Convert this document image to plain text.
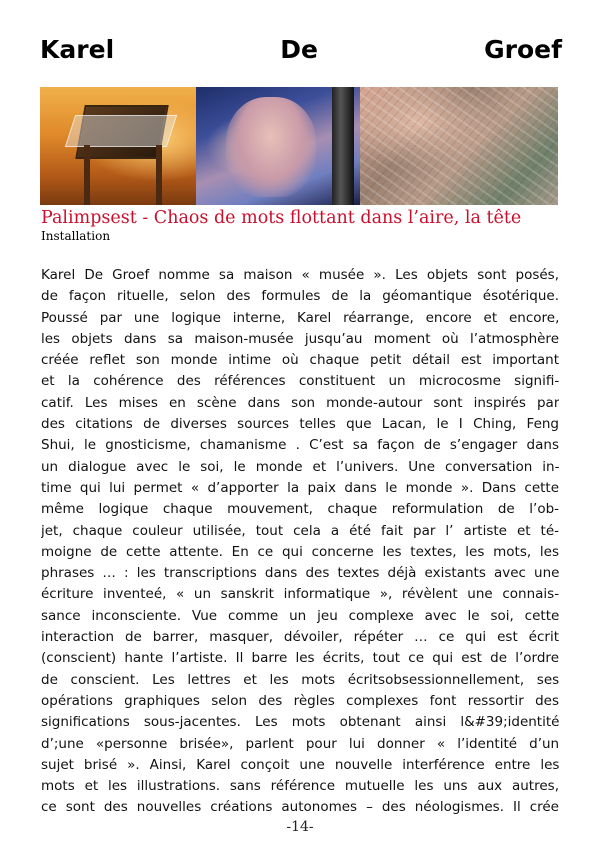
K a r e l	D e	G r o e f
Palimpsest - Chaos de mots flottant dans l’aire, la tête

Installation

Karel De Groef nomme sa maison « musée ». Les objets sont posés,
de façon rituelle, selon des formules de la géomantique ésotérique.
Poussé par une logique interne, Karel réarrange, encore et encore,
les objets dans sa maison-musée jusqu’au moment où l’atmosphère
créée reflet son monde intime où chaque petit détail est important
et la cohérence des références constituent un microcosme signifi-
catif. Les mises en scène dans son monde-autour sont inspirés par
des citations de diverses sources telles que Lacan, le I Ching, Feng
Shui, le gnosticisme, chamanisme . C’est sa façon de s’engager dans
un dialogue avec le soi, le monde et l’univers. Une conversation in-
time qui lui permet « d’apporter la paix dans le monde ». Dans cette
même logique chaque mouvement, chaque reformulation de l’ob-
jet, chaque couleur utilisée, tout cela a été fait par l’ artiste et té-
moigne de cette attente. En ce qui concerne les textes, les mots, les
phrases … : les transcriptions dans des textes déjà existants avec une
écriture inventeé, « un sanskrit informatique », révèlent une connais-
sance inconsciente. Vue comme un jeu complexe avec le soi, cette
interaction de barrer, masquer, dévoiler, répéter … ce qui est écrit
(conscient) hante l’artiste. Il barre les écrits, tout ce qui est de l’ordre
de conscient. Les lettres et les mots écritsobsessionnellement, ses
opérations graphiques selon des règles complexes font ressortir des
significations sous-jacentes. Les mots obtenant ainsi l&#39;identité
d’;une «personne brisée», parlent pour lui donner « l’identité d’un
sujet brisé ». Ainsi, Karel conçoit une nouvelle interférence entre les
mots et les illustrations. sans référence mutuelle les uns aux autres,
ce sont des nouvelles créations autonomes – des néologismes. Il crée

-14-
